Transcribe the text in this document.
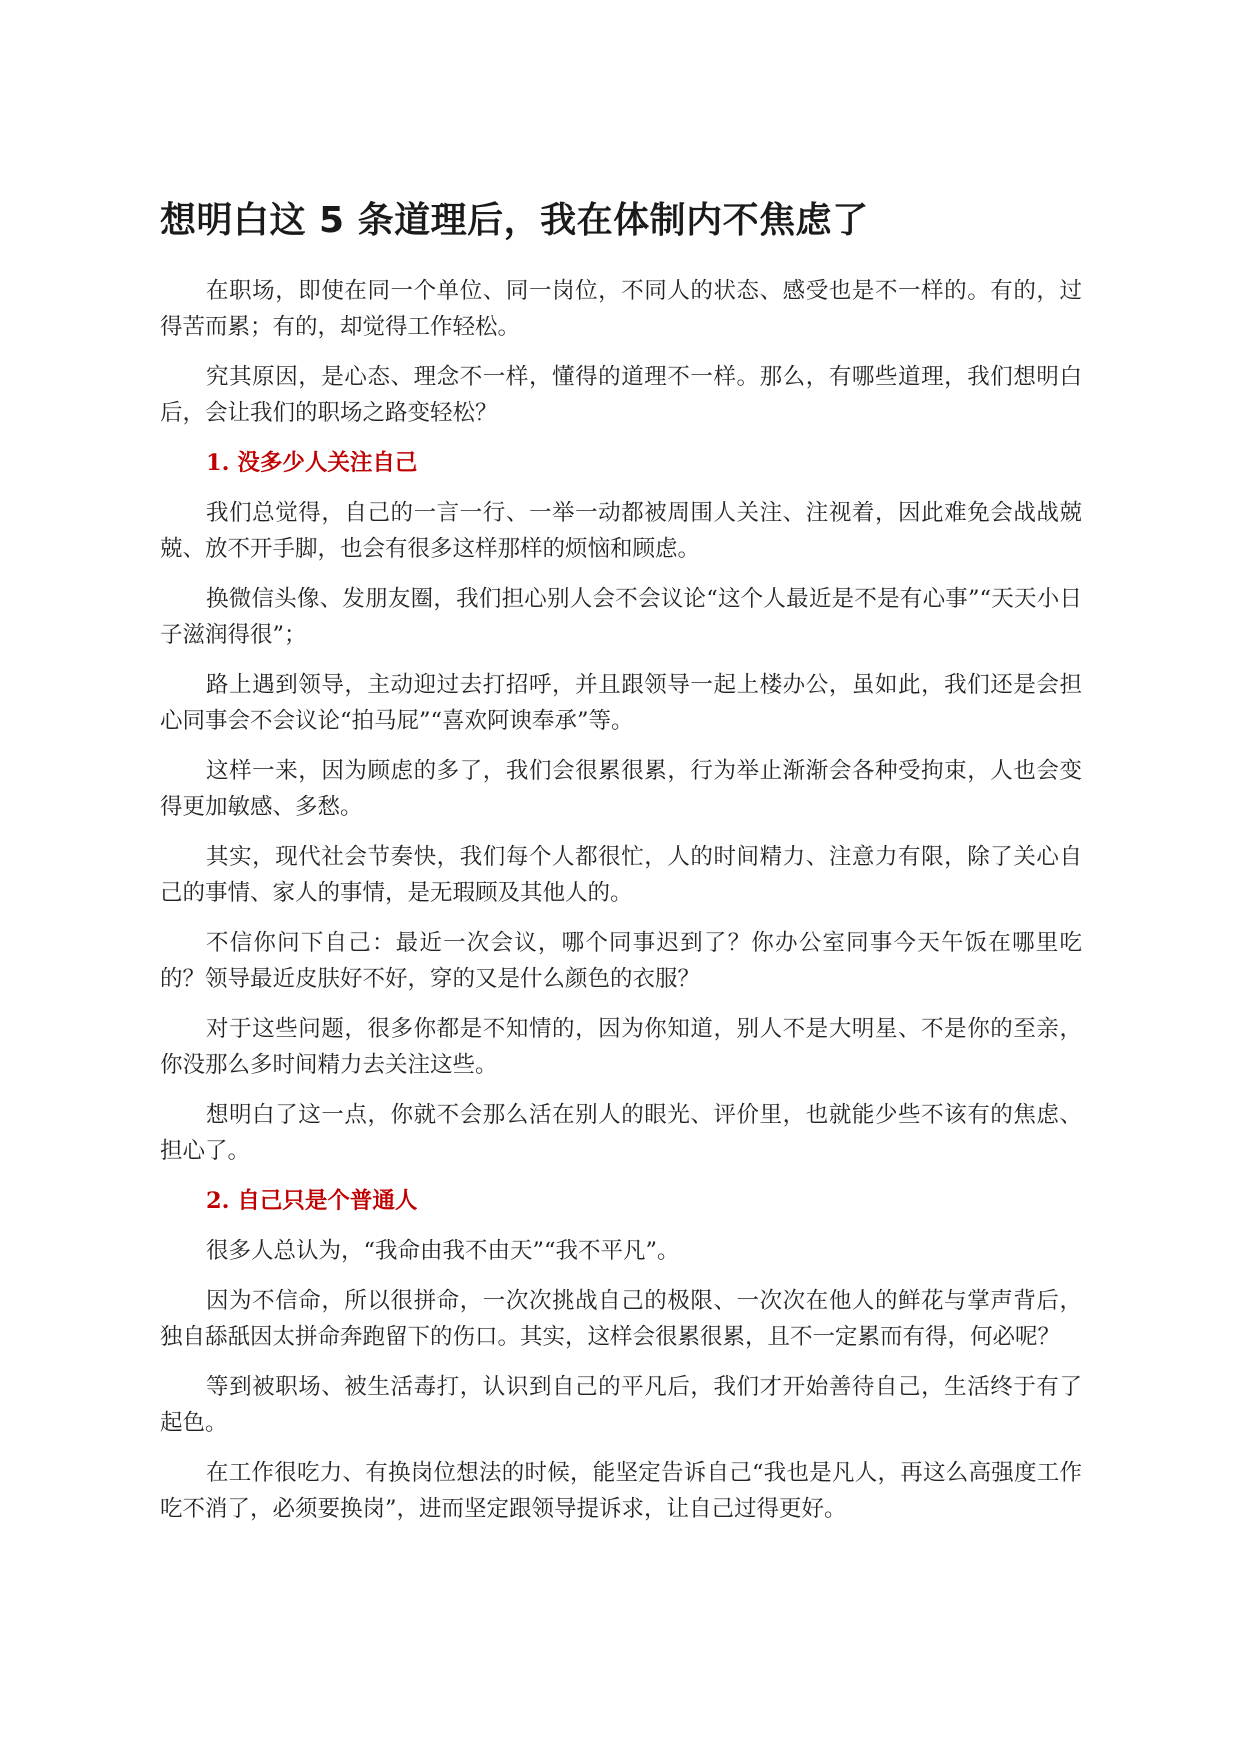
想明白这 5 条道理后，我在体制内不焦虑了

在职场，即使在同一个单位、同一岗位，不同人的状态、感受也是不一样的。有的，过得苦而累；有的，却觉得工作轻松。

究其原因，是心态、理念不一样，懂得的道理不一样。那么，有哪些道理，我们想明白后，会让我们的职场之路变轻松？

1. 没多少人关注自己

我们总觉得，自己的一言一行、一举一动都被周围人关注、注视着，因此难免会战战兢兢、放不开手脚，也会有很多这样那样的烦恼和顾虑。

换微信头像、发朋友圈，我们担心别人会不会议论“这个人最近是不是有心事”“天天小日子滋润得很”；

路上遇到领导，主动迎过去打招呼，并且跟领导一起上楼办公，虽如此，我们还是会担心同事会不会议论“拍马屁”“喜欢阿谀奉承”等。

这样一来，因为顾虑的多了，我们会很累很累，行为举止渐渐会各种受拘束，人也会变得更加敏感、多愁。

其实，现代社会节奏快，我们每个人都很忙，人的时间精力、注意力有限，除了关心自己的事情、家人的事情，是无瑕顾及其他人的。

不信你问下自己：最近一次会议，哪个同事迟到了？你办公室同事今天午饭在哪里吃的？领导最近皮肤好不好，穿的又是什么颜色的衣服？

对于这些问题，很多你都是不知情的，因为你知道，别人不是大明星、不是你的至亲，你没那么多时间精力去关注这些。

想明白了这一点，你就不会那么活在别人的眼光、评价里，也就能少些不该有的焦虑、担心了。

2. 自己只是个普通人

很多人总认为，“我命由我不由天”“我不平凡”。

因为不信命，所以很拼命，一次次挑战自己的极限、一次次在他人的鲜花与掌声背后，独自舔舐因太拼命奔跑留下的伤口。其实，这样会很累很累，且不一定累而有得，何必呢？

等到被职场、被生活毒打，认识到自己的平凡后，我们才开始善待自己，生活终于有了起色。

在工作很吃力、有换岗位想法的时候，能坚定告诉自己“我也是凡人，再这么高强度工作吃不消了，必须要换岗”，进而坚定跟领导提诉求，让自己过得更好。
